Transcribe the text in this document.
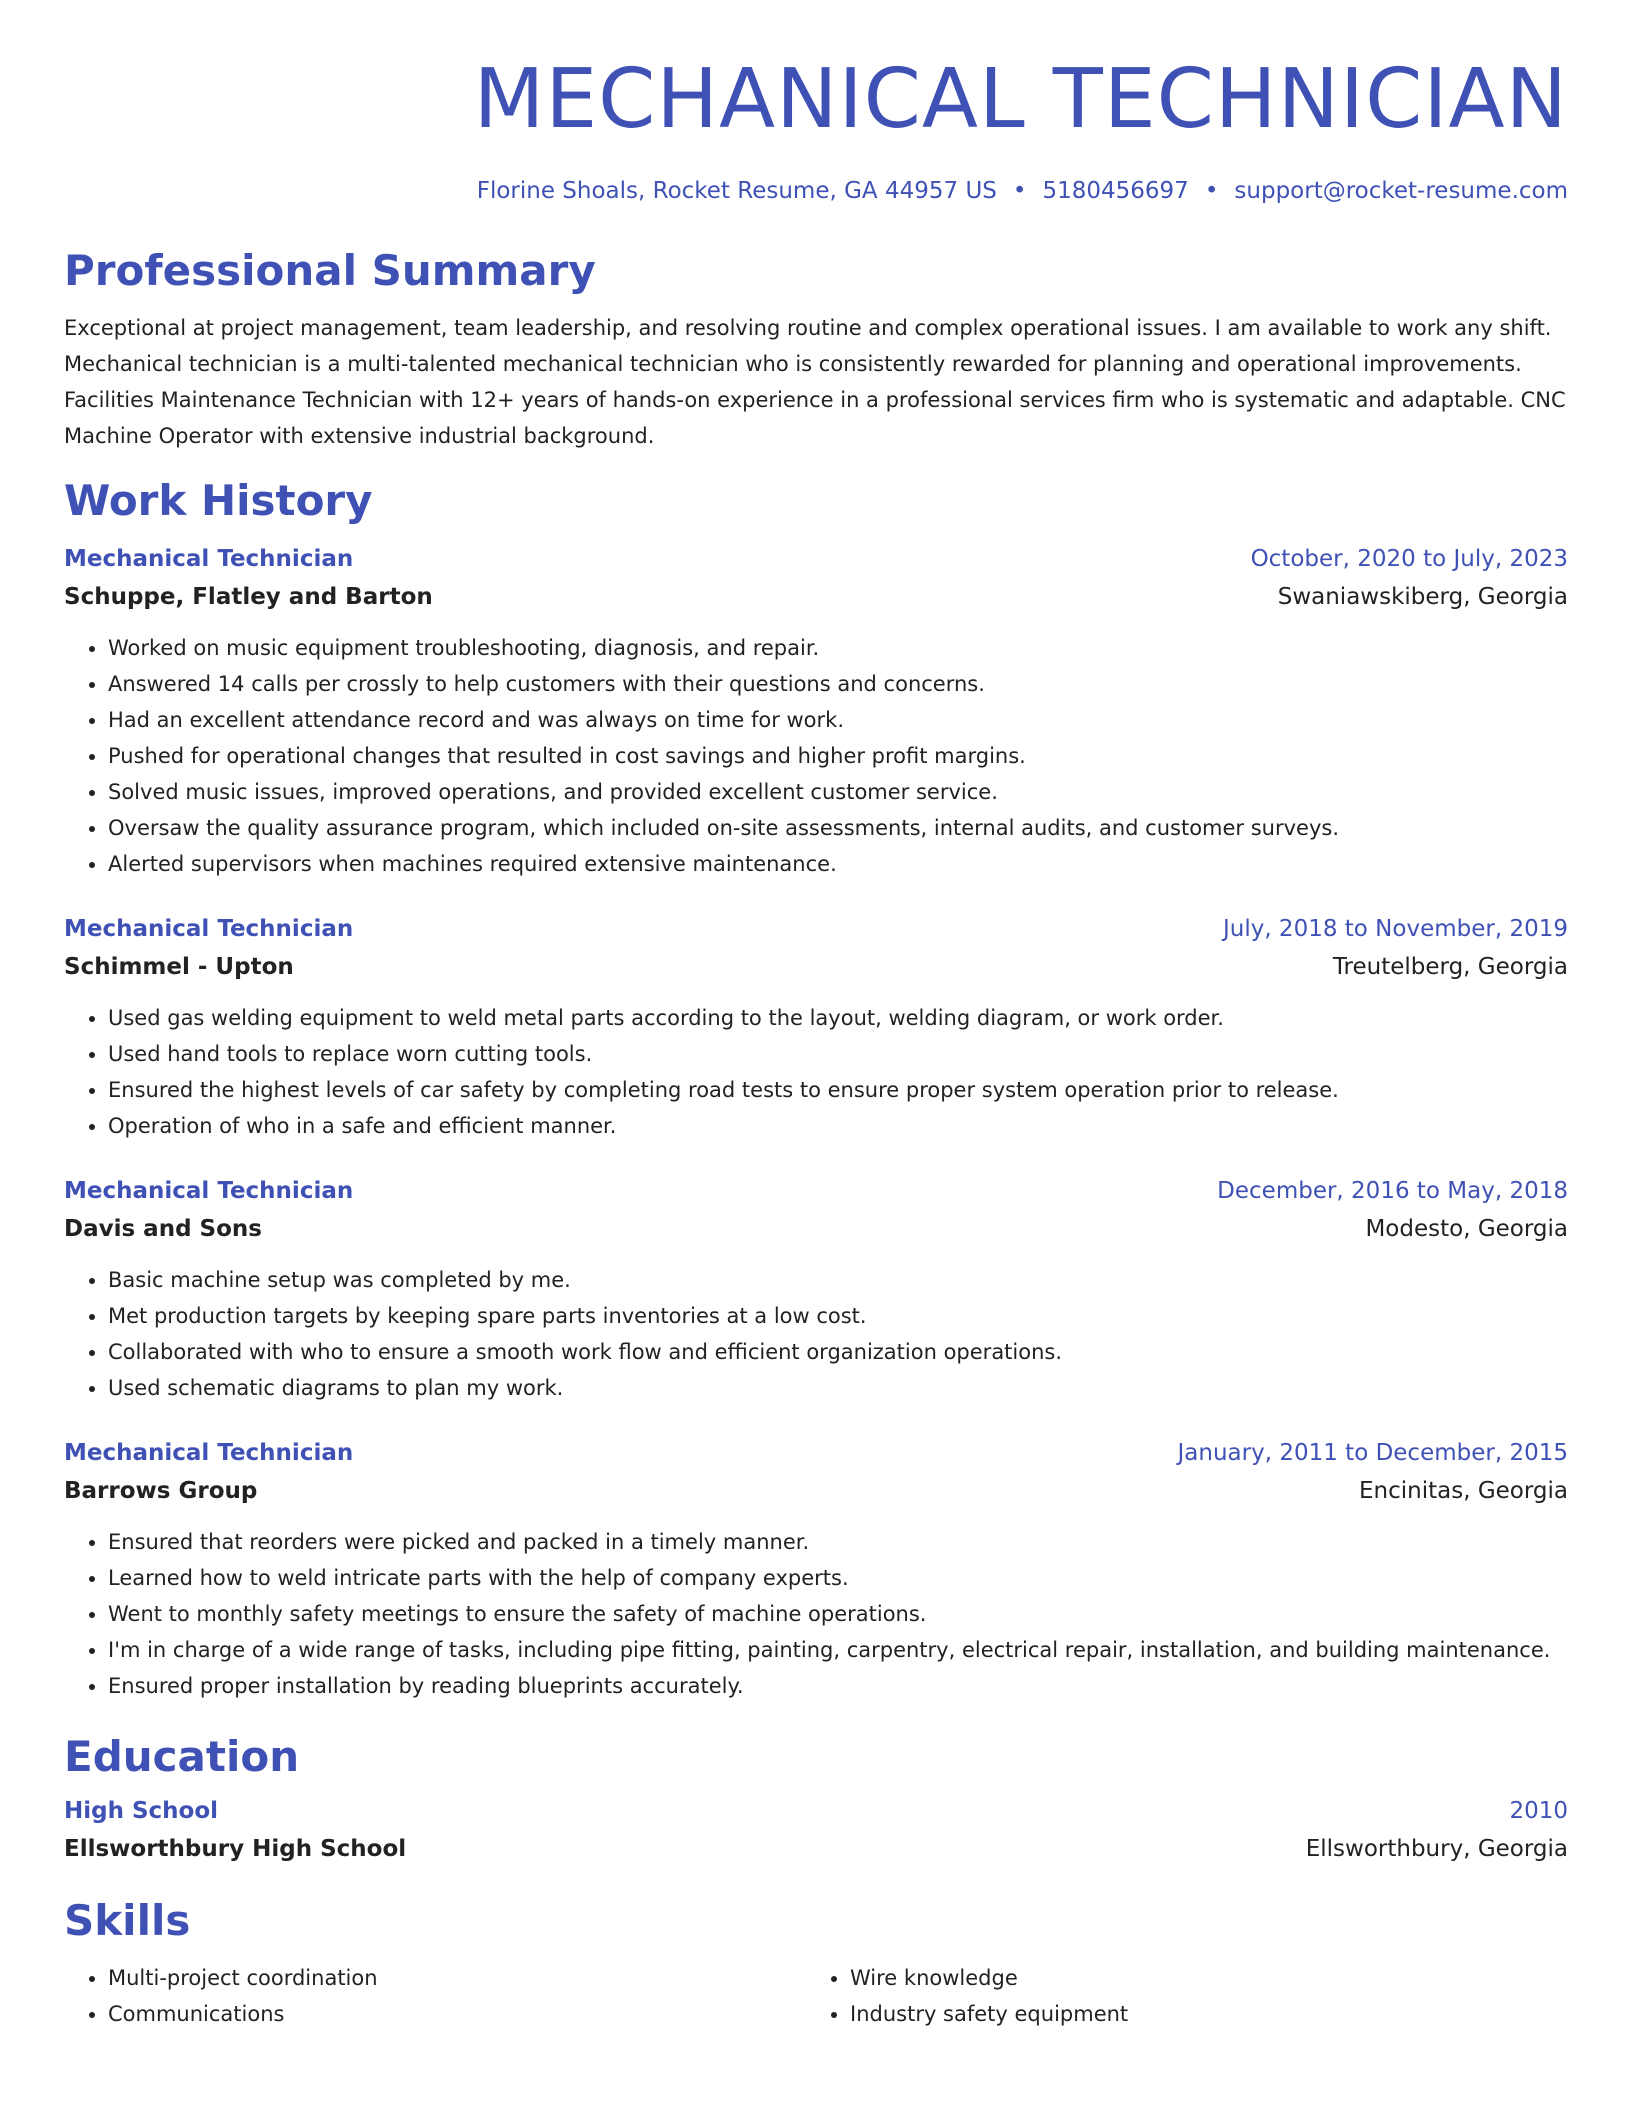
MECHANICAL TECHNICIAN
Florine Shoals, Rocket Resume, GA 44957 US • 5180456697 • support@rocket-resume.com
Professional Summary
Exceptional at project management, team leadership, and resolving routine and complex operational issues. I am available to work any shift. Mechanical technician is a multi-talented mechanical technician who is consistently rewarded for planning and operational improvements. Facilities Maintenance Technician with 12+ years of hands-on experience in a professional services firm who is systematic and adaptable. CNC Machine Operator with extensive industrial background.
Work History
Mechanical Technician	October, 2020 to July, 2023
Schuppe, Flatley and Barton	Swaniawskiberg, Georgia
• Worked on music equipment troubleshooting, diagnosis, and repair.
• Answered 14 calls per crossly to help customers with their questions and concerns.
• Had an excellent attendance record and was always on time for work.
• Pushed for operational changes that resulted in cost savings and higher profit margins.
• Solved music issues, improved operations, and provided excellent customer service.
• Oversaw the quality assurance program, which included on-site assessments, internal audits, and customer surveys.
• Alerted supervisors when machines required extensive maintenance.
Mechanical Technician	July, 2018 to November, 2019
Schimmel - Upton	Treutelberg, Georgia
• Used gas welding equipment to weld metal parts according to the layout, welding diagram, or work order.
• Used hand tools to replace worn cutting tools.
• Ensured the highest levels of car safety by completing road tests to ensure proper system operation prior to release.
• Operation of who in a safe and efficient manner.
Mechanical Technician	December, 2016 to May, 2018
Davis and Sons	Modesto, Georgia
• Basic machine setup was completed by me.
• Met production targets by keeping spare parts inventories at a low cost.
• Collaborated with who to ensure a smooth work flow and efficient organization operations.
• Used schematic diagrams to plan my work.
Mechanical Technician	January, 2011 to December, 2015
Barrows Group	Encinitas, Georgia
• Ensured that reorders were picked and packed in a timely manner.
• Learned how to weld intricate parts with the help of company experts.
• Went to monthly safety meetings to ensure the safety of machine operations.
• I'm in charge of a wide range of tasks, including pipe fitting, painting, carpentry, electrical repair, installation, and building maintenance.
• Ensured proper installation by reading blueprints accurately.
Education
High School	2010
Ellsworthbury High School	Ellsworthbury, Georgia
Skills
• Multi-project coordination
• Communications
• Wire knowledge
• Industry safety equipment
